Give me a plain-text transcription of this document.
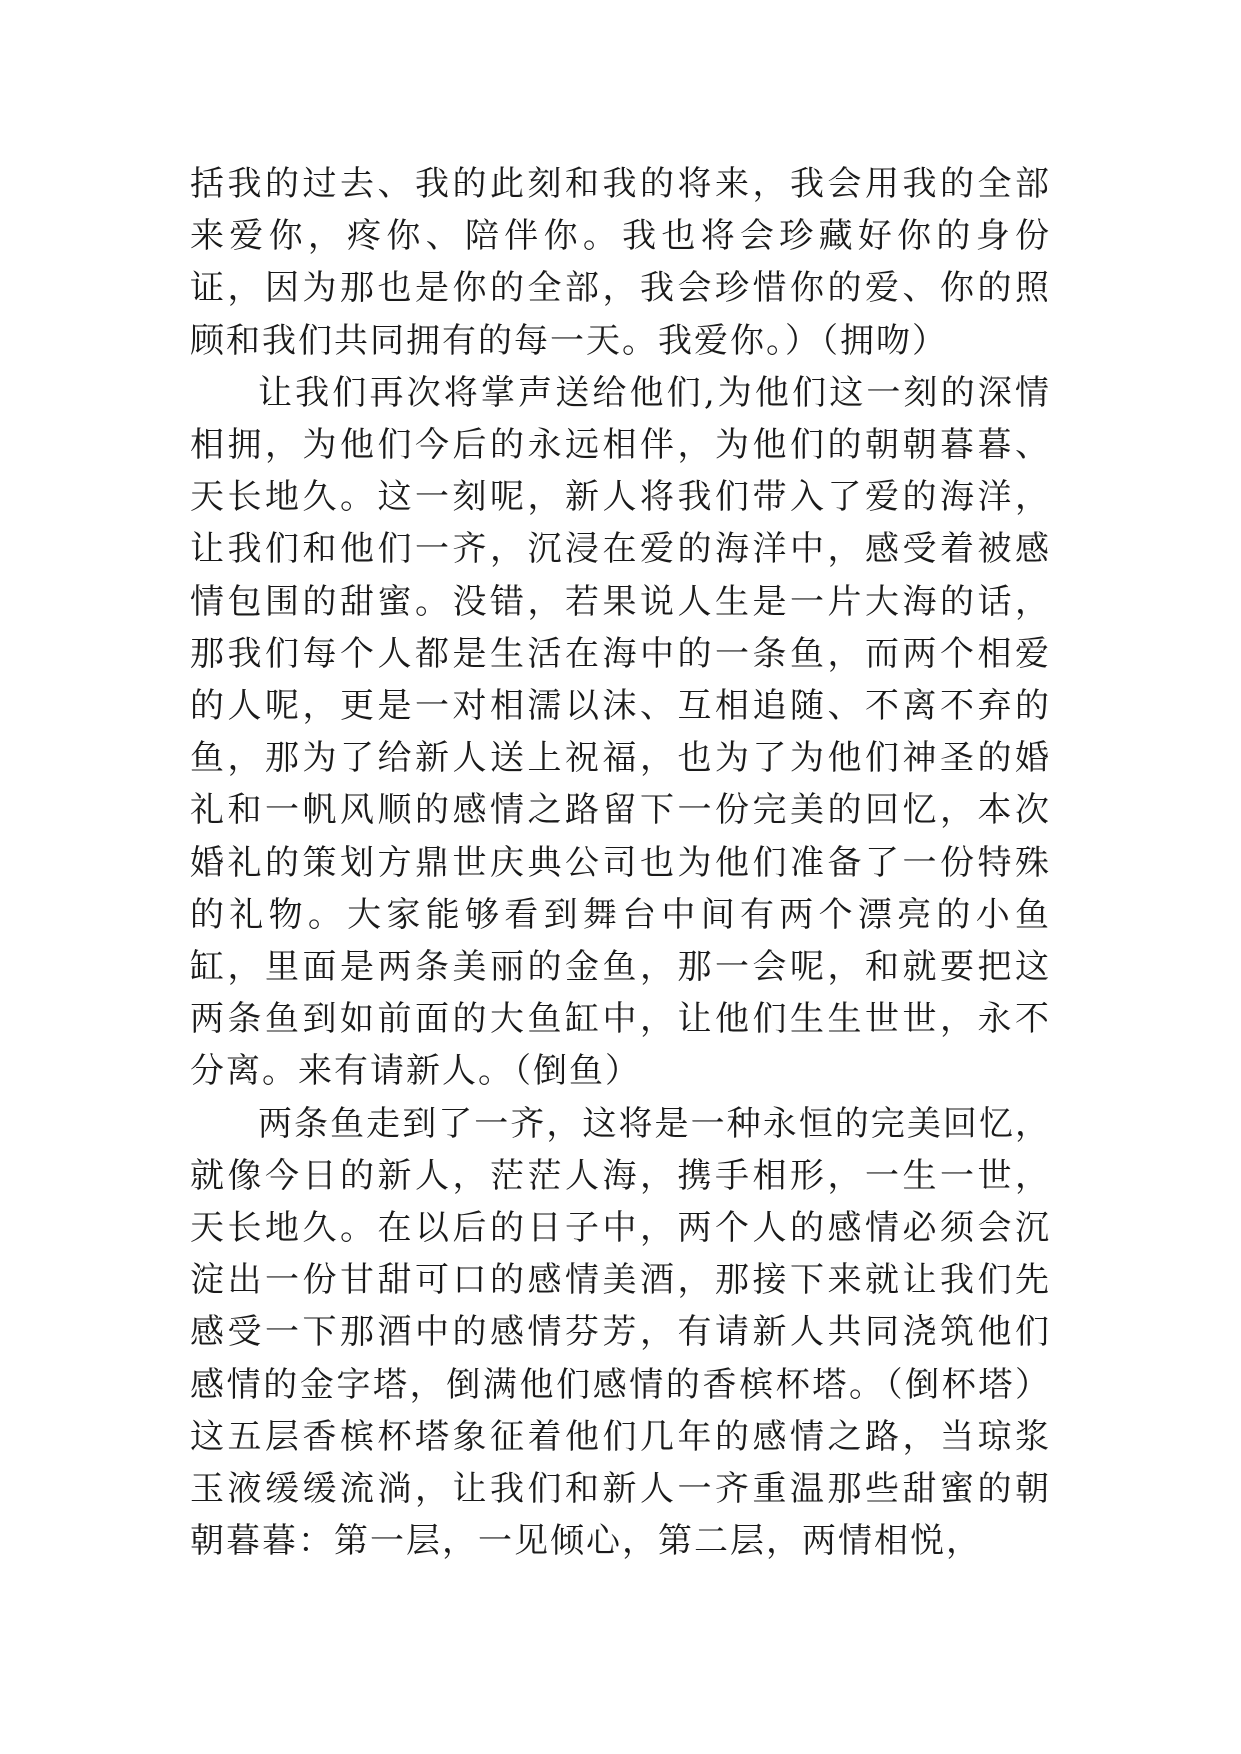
括我的过去、我的此刻和我的将来，我会用我的全部来爱你，疼你、陪伴你。我也将会珍藏好你的身份证，因为那也是你的全部，我会珍惜你的爱、你的照顾和我们共同拥有的每一天。我爱你。）（拥吻）

让我们再次将掌声送给他们,为他们这一刻的深情相拥，为他们今后的永远相伴，为他们的朝朝暮暮、天长地久。这一刻呢，新人将我们带入了爱的海洋，让我们和他们一齐，沉浸在爱的海洋中，感受着被感情包围的甜蜜。没错，若果说人生是一片大海的话，那我们每个人都是生活在海中的一条鱼，而两个相爱的人呢，更是一对相濡以沫、互相追随、不离不弃的鱼，那为了给新人送上祝福，也为了为他们神圣的婚礼和一帆风顺的感情之路留下一份完美的回忆，本次婚礼的策划方鼎世庆典公司也为他们准备了一份特殊的礼物。大家能够看到舞台中间有两个漂亮的小鱼缸，里面是两条美丽的金鱼，那一会呢，和就要把这两条鱼到如前面的大鱼缸中，让他们生生世世，永不分离。来有请新人。（倒鱼）

两条鱼走到了一齐，这将是一种永恒的完美回忆，就像今日的新人，茫茫人海，携手相形，一生一世，天长地久。在以后的日子中，两个人的感情必须会沉淀出一份甘甜可口的感情美酒，那接下来就让我们先感受一下那酒中的感情芬芳，有请新人共同浇筑他们感情的金字塔，倒满他们感情的香槟杯塔。（倒杯塔）这五层香槟杯塔象征着他们几年的感情之路，当琼浆玉液缓缓流淌，让我们和新人一齐重温那些甜蜜的朝朝暮暮：第一层，一见倾心，第二层，两情相悦，
